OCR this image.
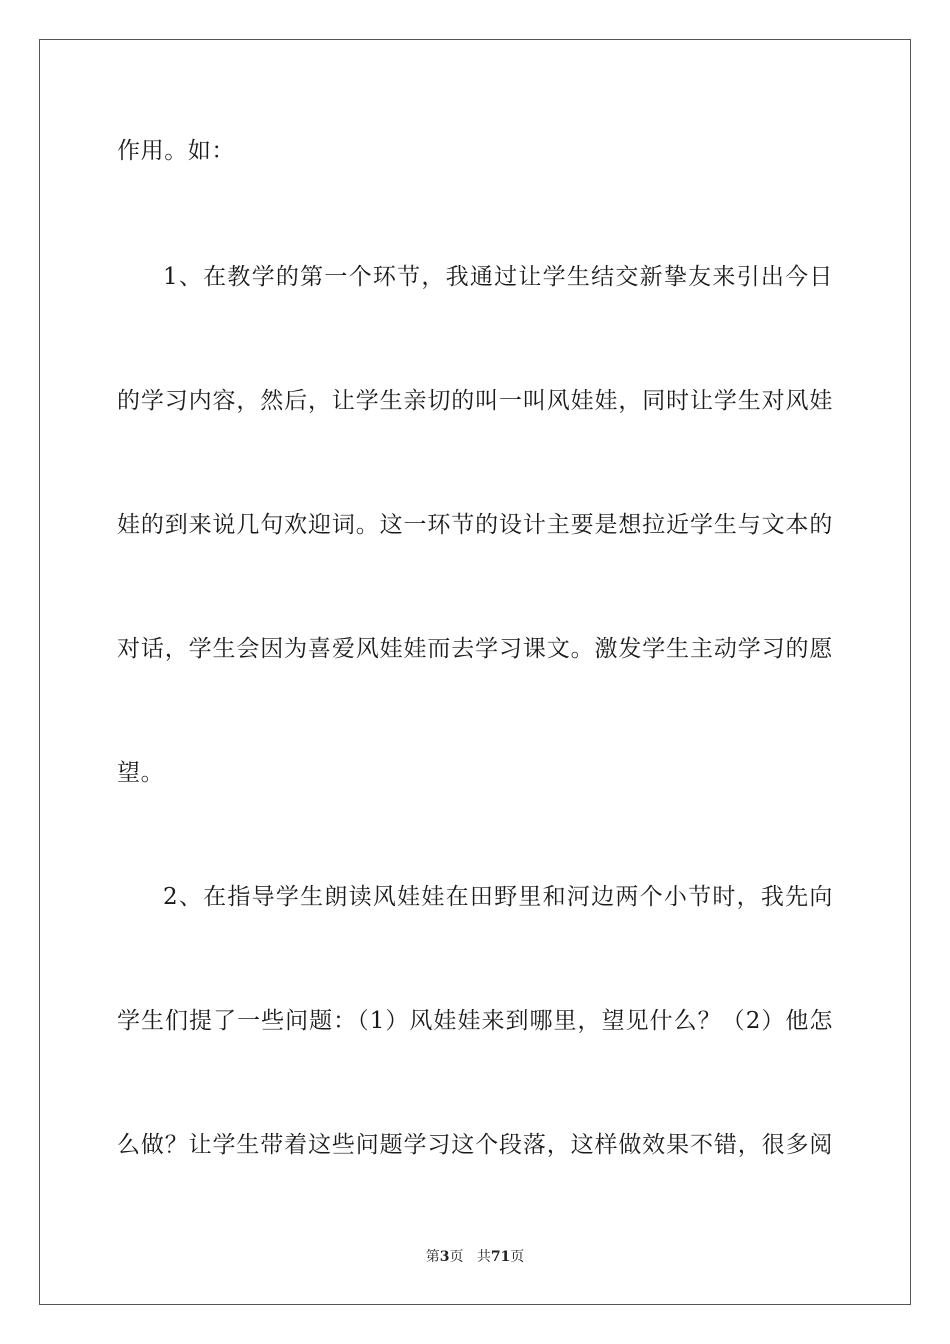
作用。如：
1、在教学的第一个环节，我通过让学生结交新挚友来引出今日
的学习内容，然后，让学生亲切的叫一叫风娃娃，同时让学生对风娃
娃的到来说几句欢迎词。这一环节的设计主要是想拉近学生与文本的
对话，学生会因为喜爱风娃娃而去学习课文。激发学生主动学习的愿
望。
2、在指导学生朗读风娃娃在田野里和河边两个小节时，我先向
学生们提了一些问题：（1）风娃娃来到哪里，望见什么？（2）他怎
么做？让学生带着这些问题学习这个段落，这样做效果不错，很多阅
第3页 共71页
